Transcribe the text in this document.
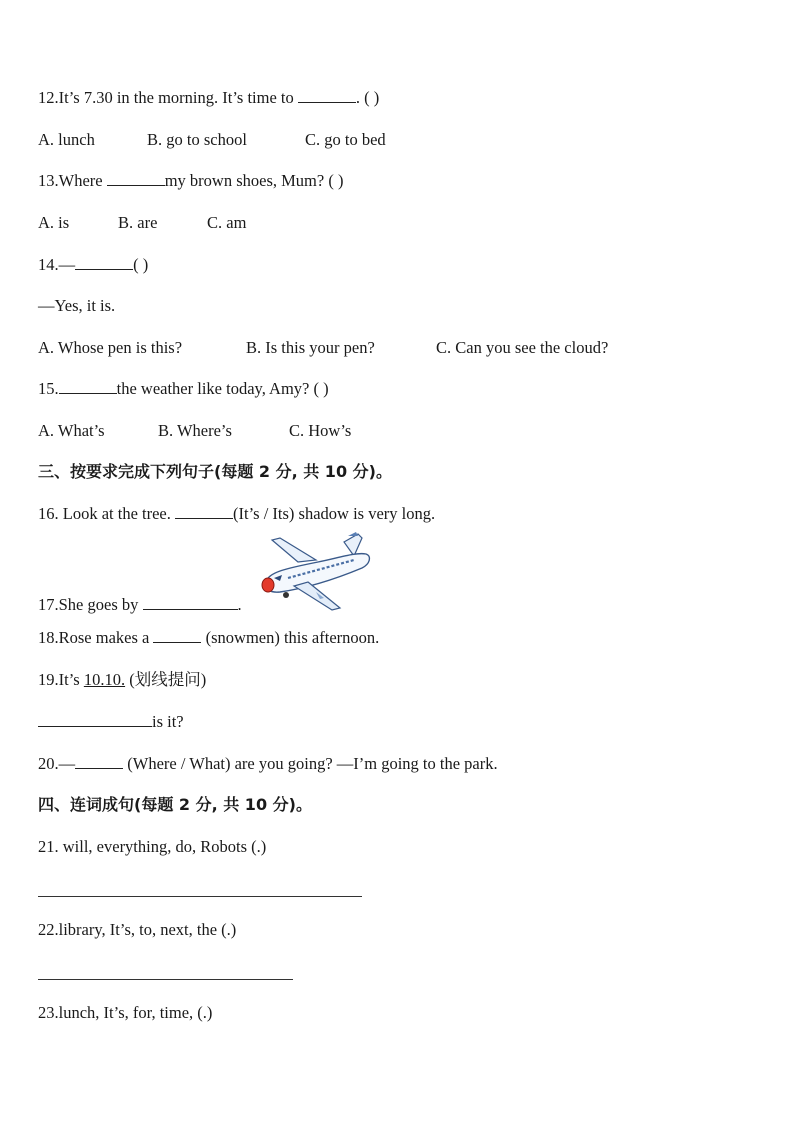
12.It’s 7.30 in the morning. It’s time to	. ( )
A. lunch	B. go to school	C. go to bed
13.Where	my brown shoes, Mum? ( )
A. is	B. are	C. am
14.—	( )
—Yes, it is.
A. Whose pen is this?	B. Is this your pen?	C. Can you see the cloud?
15.	the weather like today, Amy? ( )
A. What’s	B. Where’s	C. How’s
三、按要求完成下列句子(每题 2 分, 共 10 分)。
16. Look at the tree.	(It’s / Its) shadow is very long.
17.She goes by	.
18.Rose makes a	(snowmen) this afternoon.
19.It’s 10.10. (划线提问)
is it?
20.—	(Where / What) are you going? —I’m going to the park.
四、连词成句(每题 2 分, 共 10 分)。
21. will, everything, do, Robots (.)
22.library, It’s, to, next, the (.)
23.lunch, It’s, for, time, (.)
